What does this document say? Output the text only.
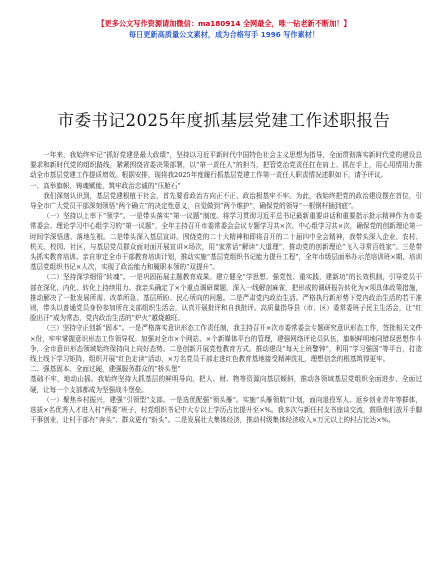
【更多公文写作资源请加微信：ma180914 全网最全，唯一钻老新不断加！】
每日更新高质量公文素材，成为合格写手 1996 写作素材！
市委书记2025年度抓基层党建工作述职报告

一年来，我始终牢记“抓好党建是最大政绩”，坚持以习近平新时代中国特色社会主义思想为指导，全面贯彻落实新时代党的建设总要求和新时代党的组织路线，紧紧围绕省委决策部署，以“第一责任人”的担当，把管党治党责任扛在肩上、抓在手上，用心用情用力推动全市基层党建工作提质增效。根据安排，现将我2025年度履行抓基层党建工作第一责任人职责情况述职如下，请予评议。

一、高举旗帜、铸魂赋能，筑牢政治忠诚的“压舱石”

我们深刻认识到，基层党建根植于社会，首先要看政治方向正不正、政治根基牢不牢。为此，我始终把党的政治建设摆在首位，引导全市广大党员干部深刻领悟“两个确立”的决定性意义，自觉做到“两个维护”，确保党的领导“一根钢杆插到底”。

（一）坚持以上率下“领学”。一是带头落实“第一议题”制度。将学习贯彻习近平总书记最新重要讲话和重要指示批示精神作为市委常委会、理论学习中心组学习的“第一议题”，全年主持召开市委常委会会议专题学习共×次、中心组学习共×次，确保党的创新理论第一时间学深悟透、落地生根。二是带头深入基层宣讲。围绕党的二十大精神和即将召开的二十届四中全会精神，我带头深入企业、农村、机关、校园、社区，与基层党员群众面对面开展宣讲×场次，用“家常话”解读“大道理”，推动党的创新理论“飞入寻常百姓家”。三是带头抓实教育培训。亲自审定全市干部教育培训计划，推动实施“基层党组织书记能力提升工程”，全年市级层面举办示范培训班×期，培训基层党组织书记×人次，实现了政治能力和履职本领的“双提升”。

（二）坚持深学细悟“转魂”。一是巩固拓展主题教育成果。建立健全“学思想、强党性、重实践、建新功”的长效机制，引导党员干部在深化、内化、转化上持续用力。我亲头确定了×个重点调研课题，深入一线解剖麻雀，把形成的调研报告转化为×项具体政策措施，推动解决了一批发展所需、改革所急、基层所盼、民心所向的问题。二是严肃党内政治生活。严格执行新形势下党内政治生活的若干准则，带头以普通党员身份参加所在支部组织生活会，认真开展批评和自我批评。高质量指导县（市、区）委常委班子民主生活会，让“红脸出汗”成为常态，党内政治生活的“炉火”越烧越旺。

（三）坚持守正创新“固本”。一是严格落实意识形态工作责任制，我主持召开×次市委常委会专题研究意识形态工作，签批相关文件×份，牢牢掌握意识形态工作领导权。加强对全市×个网站、×个新媒体平台的管理，建强网络评论员队伍，旗帜鲜明地同错误思想作斗争，全市意识形态领域始终保持向上向好态势。二是创新开展党性教育方式。推动建设“每天上班警钟”，利用“学习强国”等平台，打造线上线下学习矩阵，组织开展“红色走读”活动，×万名党员干部走进红色教育基地接受精神洗礼，理想信念的根基筑得更牢。

二、强基固本、全面过硬，建强服务群众的“桥头堡”

基础不牢，地动山摇。我始终坚持大抓基层的鲜明导向，把人、财、物等资源向基层倾斜，推动各领域基层党组织全面进步、全面过硬，让每一个支部都成为坚强战斗堡垒。

（一）聚焦乡村振兴，建强“引领型”支部。一是选优配强“领头雁”。实施“头雁领航”计划，面向退役军人、返乡创业青年等群体，选拔×名优秀人才进入村“两委”班子，村党组织书记中大专以上学历占比提升至×%。我多次与新任村支书座谈交流，鼓励他们放开手脚干事创业，让村干部有“奔头”、群众更有“盼头”。二是发展壮大集体经济，推动村级集体经济收入×万元以上的村占比达×%。
